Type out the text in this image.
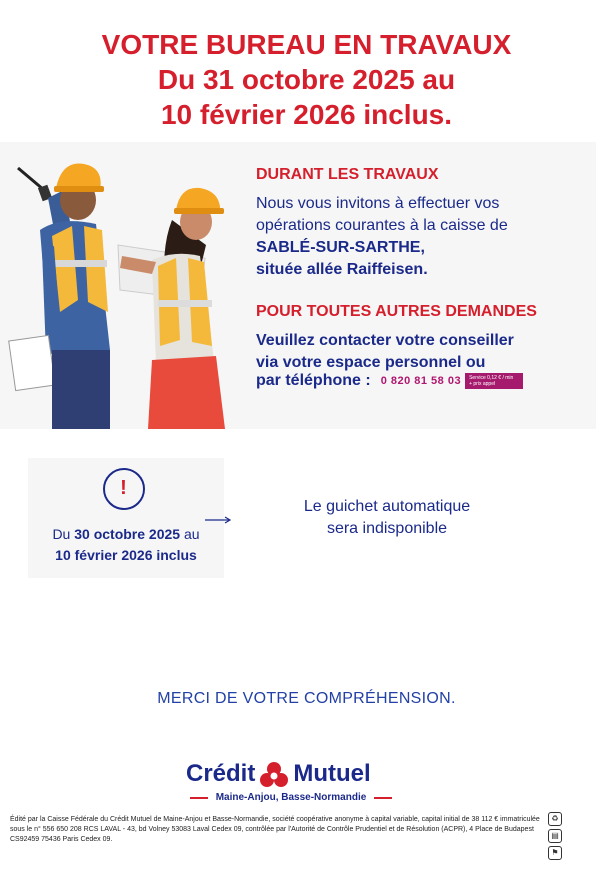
VOTRE BUREAU EN TRAVAUX
Du 31 octobre 2025 au
10 février 2026 inclus.
DURANT LES TRAVAUX
Nous vous invitons à effectuer vos
opérations courantes à la caisse de
SABLÉ-SUR-SARTHE,
située allée Raiffeisen.
POUR TOUTES AUTRES DEMANDES
Veuillez contacter votre conseiller
via votre espace personnel ou
par téléphone : 0 820 81 58 03 Service 0,12 € / min
+ prix appel
!
Du 30 octobre 2025 au
10 février 2026 inclus
Le guichet automatique
sera indisponible
MERCI DE VOTRE COMPRÉHENSION.
Crédit Mutuel
Maine-Anjou, Basse-Normandie
Édité par la Caisse Fédérale du Crédit Mutuel de Maine-Anjou et Basse-Normandie, société coopérative anonyme à capital variable, capital initial de 38 112 € immatriculée sous le n° 556 650 208 RCS LAVAL - 43, bd Volney 53083 Laval Cedex 09, contrôlée par l'Autorité de Contrôle Prudentiel et de Résolution (ACPR), 4 Place de Budapest CS92459 75436 Paris Cedex 09.
♻
▤
⚑
